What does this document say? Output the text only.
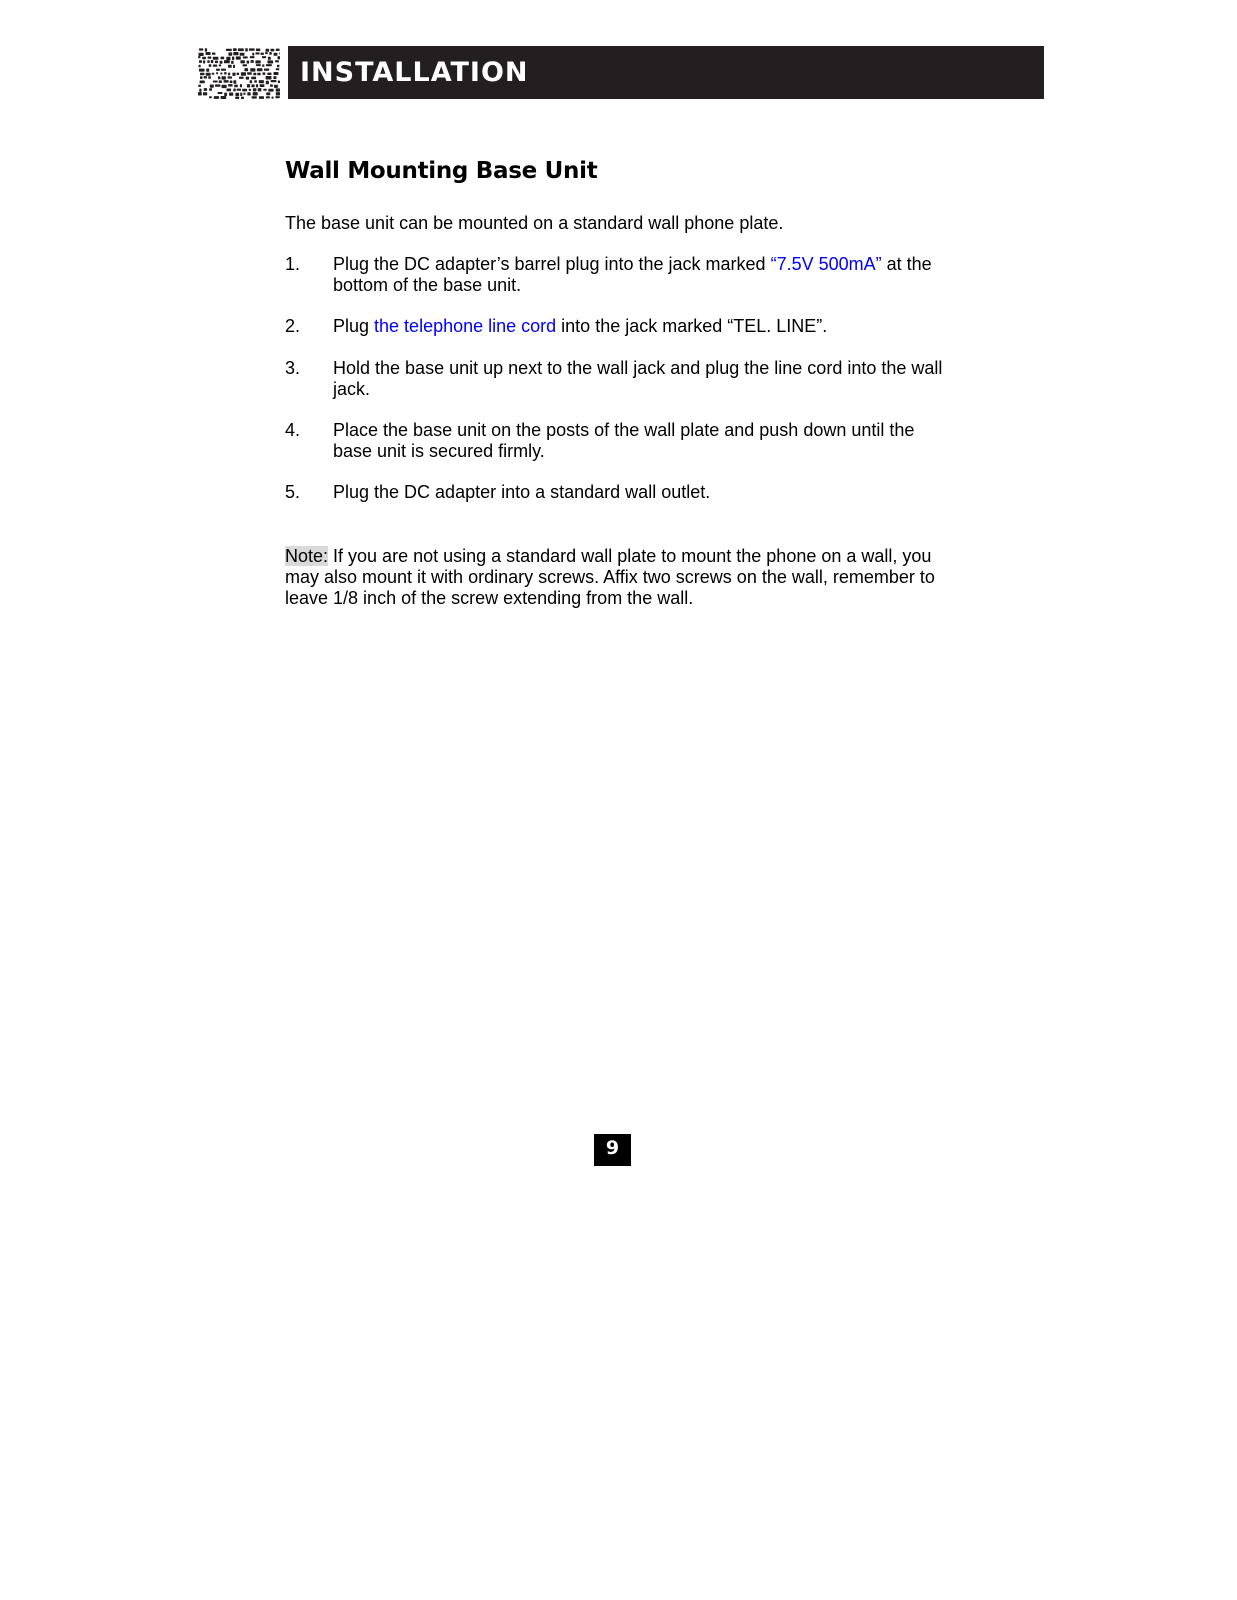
INSTALLATION
Wall Mounting Base Unit

The base unit can be mounted on a standard wall phone plate.

1. Plug the DC adapter’s barrel plug into the jack marked “7.5V 500mA” at the bottom of the base unit.
2. Plug the telephone line cord into the jack marked “TEL. LINE”.
3. Hold the base unit up next to the wall jack and plug the line cord into the wall jack.
4. Place the base unit on the posts of the wall plate and push down until the base unit is secured firmly.
5. Plug the DC adapter into a standard wall outlet.
Note: If you are not using a standard wall plate to mount the phone on a wall, you may also mount it with ordinary screws. Affix two screws on the wall, remember to leave 1/8 inch of the screw extending from the wall.
9
